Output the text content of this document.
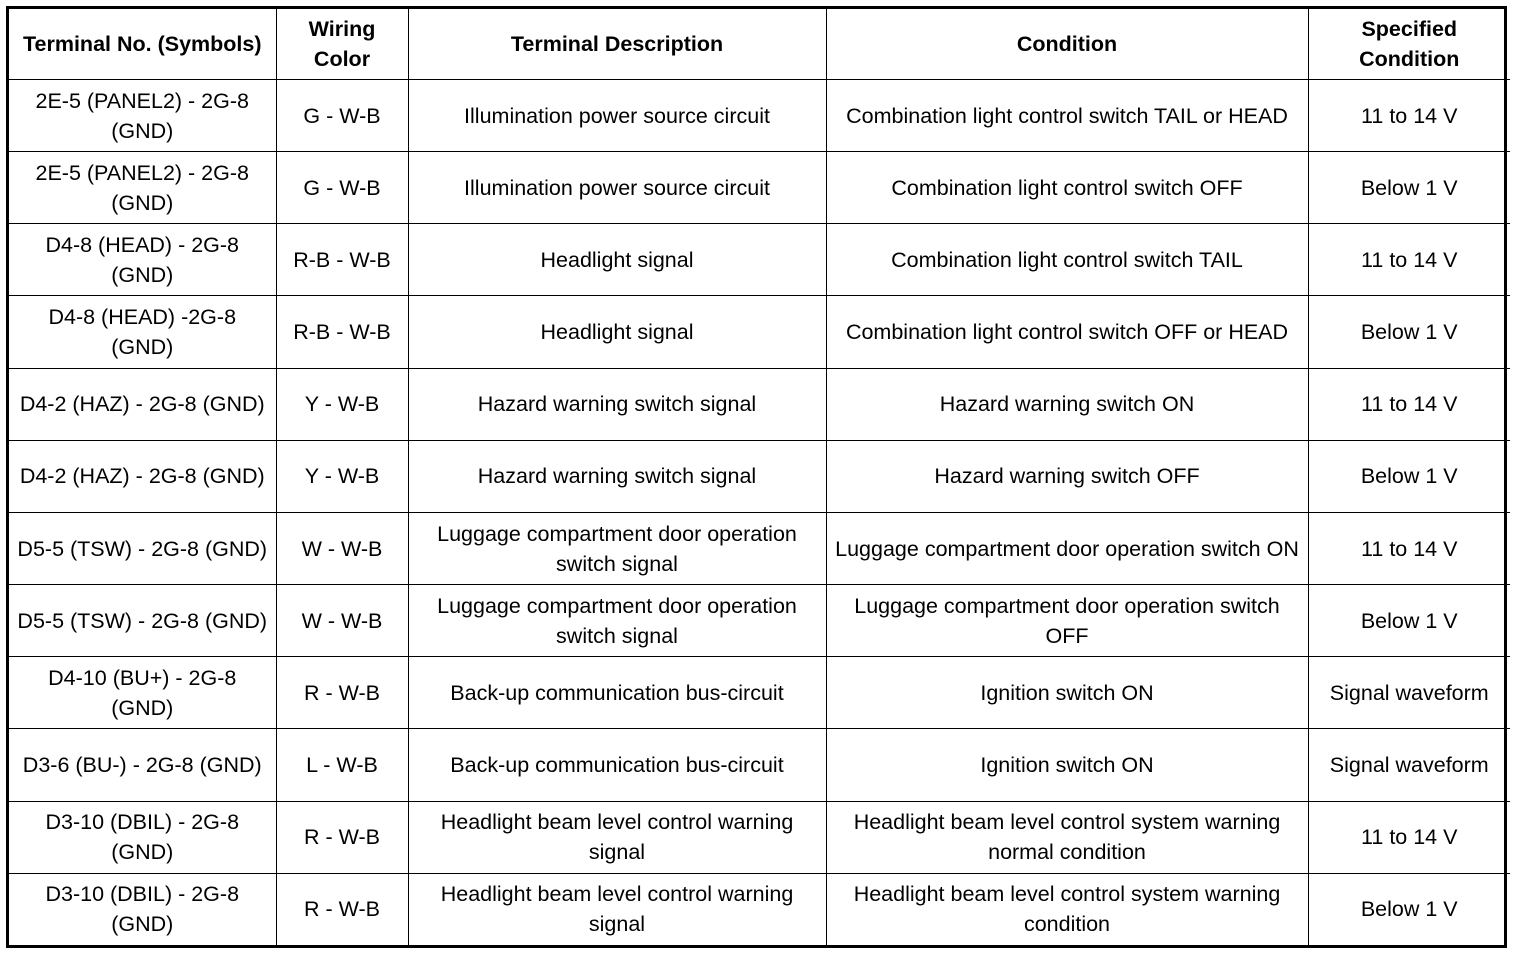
Terminal No. (Symbols)	Wiring Color	Terminal Description	Condition	Specified Condition
2E-5 (PANEL2) - 2G-8 (GND)	G - W-B	Illumination power source circuit	Combination light control switch TAIL or HEAD	11 to 14 V
2E-5 (PANEL2) - 2G-8 (GND)	G - W-B	Illumination power source circuit	Combination light control switch OFF	Below 1 V
D4-8 (HEAD) - 2G-8 (GND)	R-B - W-B	Headlight signal	Combination light control switch TAIL	11 to 14 V
D4-8 (HEAD) -2G-8 (GND)	R-B - W-B	Headlight signal	Combination light control switch OFF or HEAD	Below 1 V
D4-2 (HAZ) - 2G-8 (GND)	Y - W-B	Hazard warning switch signal	Hazard warning switch ON	11 to 14 V
D4-2 (HAZ) - 2G-8 (GND)	Y - W-B	Hazard warning switch signal	Hazard warning switch OFF	Below 1 V
D5-5 (TSW) - 2G-8 (GND)	W - W-B	Luggage compartment door operation switch signal	Luggage compartment door operation switch ON	11 to 14 V
D5-5 (TSW) - 2G-8 (GND)	W - W-B	Luggage compartment door operation switch signal	Luggage compartment door operation switch OFF	Below 1 V
D4-10 (BU+) - 2G-8 (GND)	R - W-B	Back-up communication bus-circuit	Ignition switch ON	Signal waveform
D3-6 (BU-) - 2G-8 (GND)	L - W-B	Back-up communication bus-circuit	Ignition switch ON	Signal waveform
D3-10 (DBIL) - 2G-8 (GND)	R - W-B	Headlight beam level control warning signal	Headlight beam level control system warning normal condition	11 to 14 V
D3-10 (DBIL) - 2G-8 (GND)	R - W-B	Headlight beam level control warning signal	Headlight beam level control system warning condition	Below 1 V
